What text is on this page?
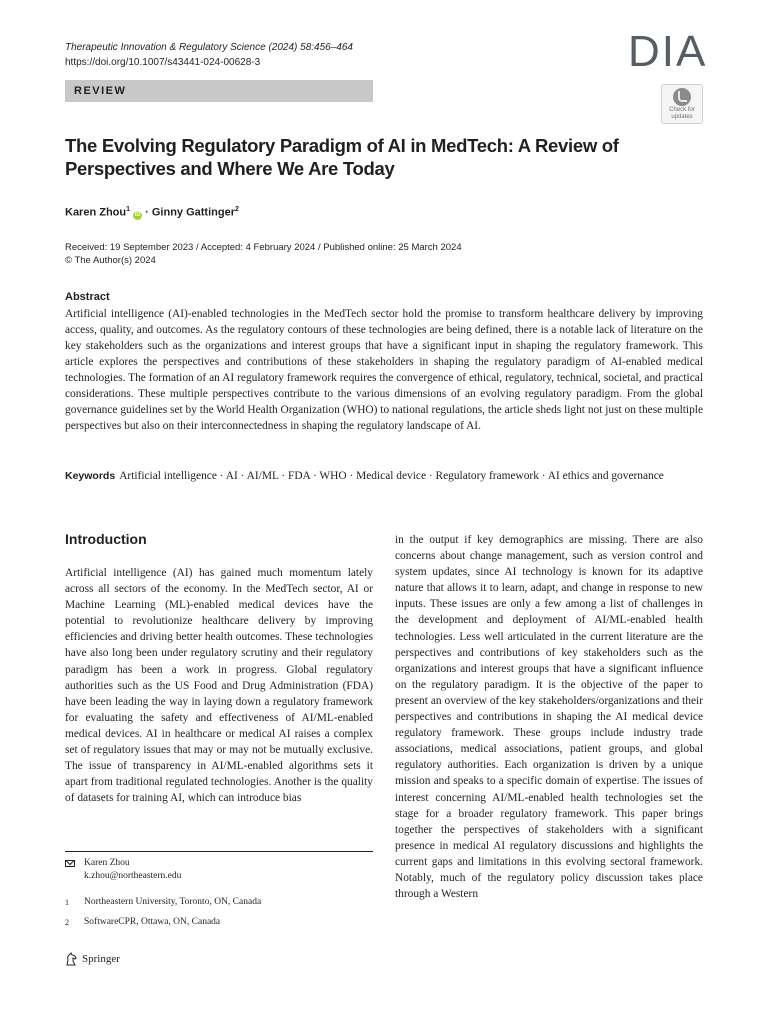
Therapeutic Innovation & Regulatory Science (2024) 58:456–464
https://doi.org/10.1007/s43441-024-00628-3	DIA
REVIEW
Check for
updates
The Evolving Regulatory Paradigm of AI in MedTech: A Review of Perspectives and Where We Are Today
Karen Zhou$^1$ iD · Ginny Gattinger$^2$
Received: 19 September 2023 / Accepted: 4 February 2024 / Published online: 25 March 2024
© The Author(s) 2024
Abstract

Artificial intelligence (AI)-enabled technologies in the MedTech sector hold the promise to transform healthcare delivery by improving access, quality, and outcomes. As the regulatory contours of these technologies are being defined, there is a notable lack of literature on the key stakeholders such as the organizations and interest groups that have a significant input in shaping the regulatory framework. This article explores the perspectives and contributions of these stakeholders in shaping the regulatory paradigm of AI-enabled medical technologies. The formation of an AI regulatory framework requires the convergence of ethical, regulatory, technical, societal, and practical considerations. These multiple perspectives contribute to the various dimensions of an evolving regulatory paradigm. From the global governance guidelines set by the World Health Organization (WHO) to national regulations, the article sheds light not just on these multiple perspectives but also on their interconnectedness in shaping the regulatory landscape of AI.

Keywords Artificial intelligence · AI · AI/ML · FDA · WHO · Medical device · Regulatory framework · AI ethics and governance
Introduction

Artificial intelligence (AI) has gained much momentum lately across all sectors of the economy. In the MedTech sector, AI or Machine Learning (ML)-enabled medical devices have the potential to revolutionize healthcare delivery by improving efficiencies and driving better health outcomes. These technologies have also long been under regulatory scrutiny and their regulatory paradigm has been a work in progress. Global regulatory authorities such as the US Food and Drug Administration (FDA) have been leading the way in laying down a regulatory framework for evaluating the safety and effectiveness of AI/ML-enabled medical devices. AI in healthcare or medical AI raises a complex set of regulatory issues that may or may not be mutually exclusive. The issue of transparency in AI/ML-enabled algorithms sets it apart from traditional regulated technologies. Another is the quality of datasets for training AI, which can introduce bias

in the output if key demographics are missing. There are also concerns about change management, such as version control and system updates, since AI technology is known for its adaptive nature that allows it to learn, adapt, and change in response to new inputs. These issues are only a few among a list of challenges in the development and deployment of AI/ML-enabled health technologies. Less well articulated in the current literature are the perspectives and contributions of key stakeholders such as the organizations and interest groups that have a significant influence on the regulatory paradigm. It is the objective of the paper to present an overview of the key stakeholders/organizations and their perspectives and contributions in shaping the AI medical device regulatory framework. These groups include industry trade associations, medical associations, patient groups, and global regulatory authorities. Each organization is driven by a unique mission and speaks to a specific domain of expertise. The issues of interest concerning AI/ML-enabled health technologies set the stage for a broader regulatory framework. This paper brings together the perspectives of stakeholders with a significant presence in medical AI regulatory discussions and highlights the current gaps and limitations in this evolving sectoral framework. Notably, much of the regulatory policy discussion takes place through a Western

Karen Zhou
k.zhou@northeastern.edu
1	Northeastern University, Toronto, ON, Canada
2	SoftwareCPR, Ottawa, ON, Canada
Springer
